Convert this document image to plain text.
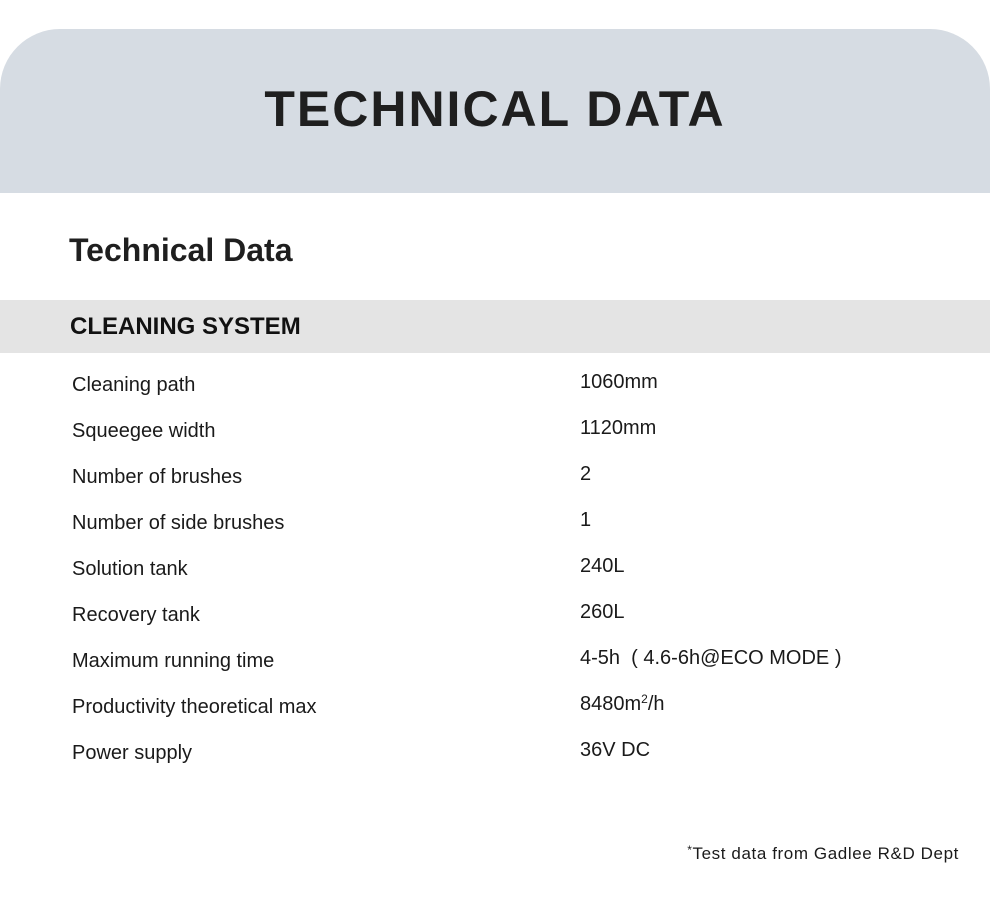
TECHNICAL DATA
Technical Data
CLEANING SYSTEM
Cleaning path	1060mm
Squeegee width	1120mm
Number of brushes	2
Number of side brushes	1
Solution tank	240L
Recovery tank	260L
Maximum running time	4-5h  ( 4.6-6h@ECO MODE )
Productivity theoretical max	$8480m^2/h$
Power supply	36V DC
*Test data from Gadlee R&D Dept
